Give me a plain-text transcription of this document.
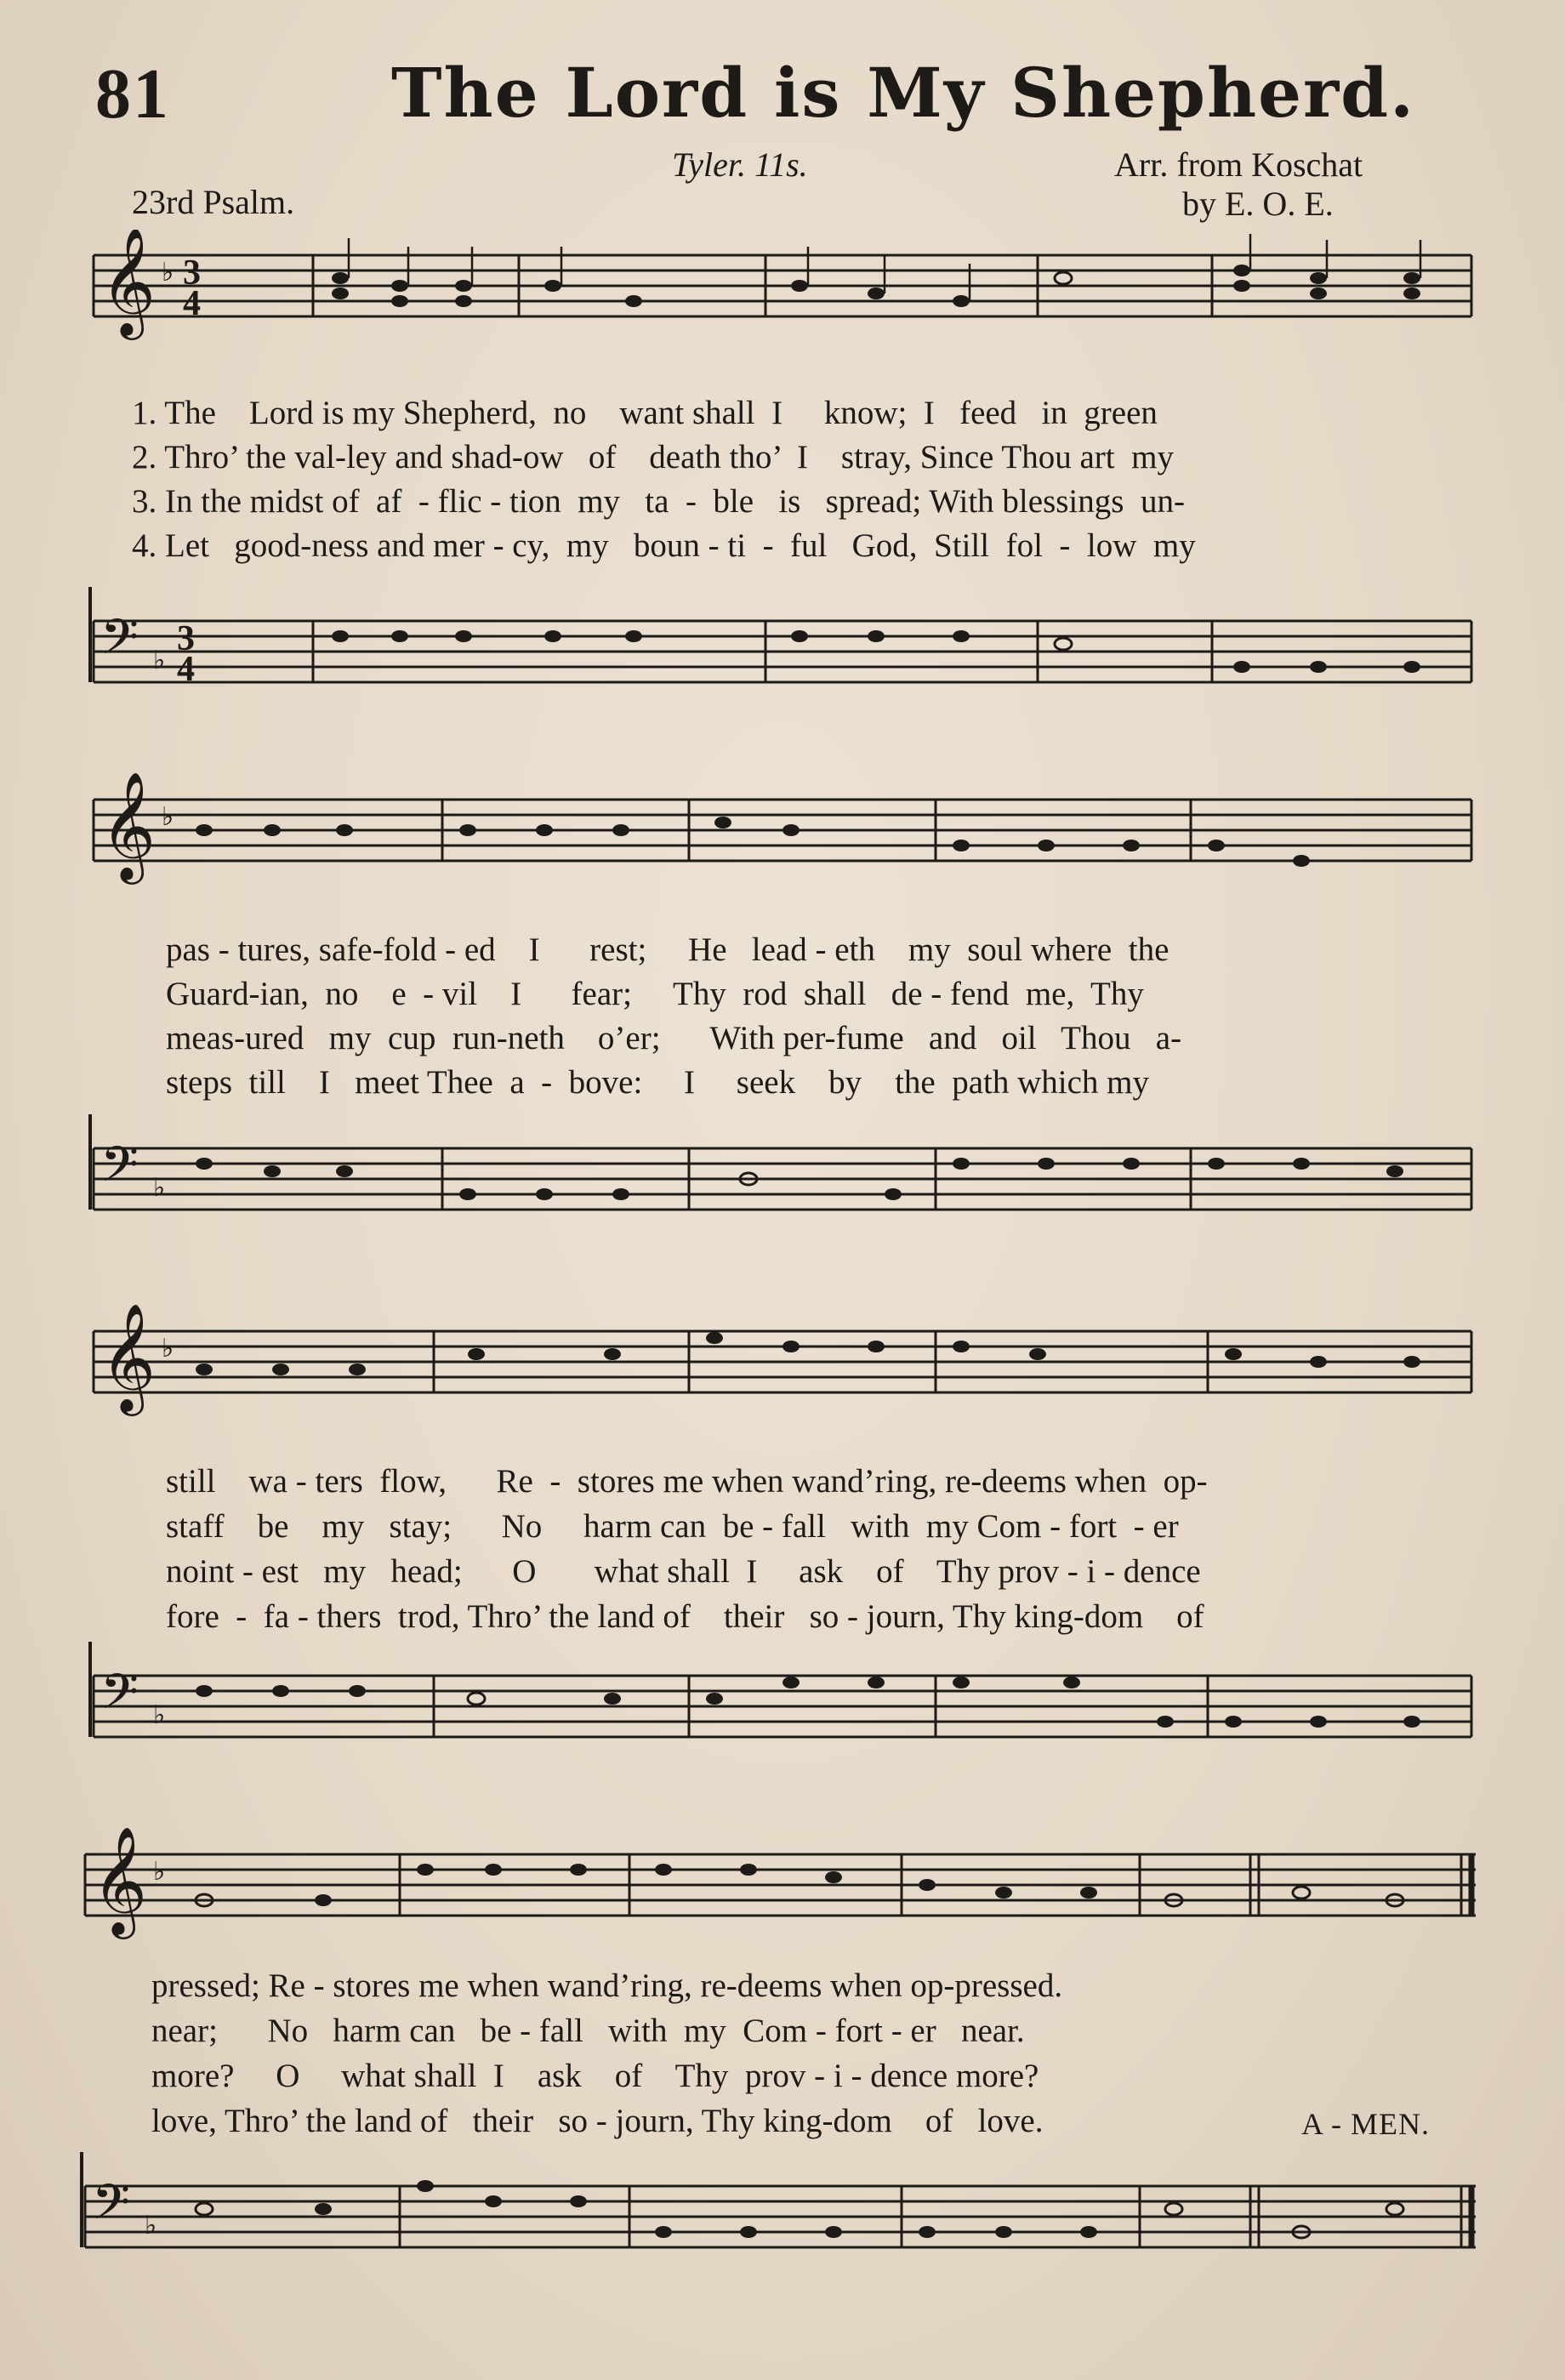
81	The Lord is My Shepherd.
Tyler. 11s.	Arr. from Koschat
by E. O. E.
23rd Psalm.
𝄞 ♭ 3
4
1. The    Lord is my Shepherd,  no    want shall  I     know;  I   feed   in  green
2. Thro’ the val-ley and shad-ow   of    death tho’  I    stray, Since Thou art  my
3. In the midst of  af  - flic - tion  my   ta  -  ble   is   spread; With blessings  un-
4. Let   good-ness and mer - cy,  my   boun - ti  -  ful   God,  Still  fol  -  low  my
𝄢 ♭
3
4
𝄞 ♭
pas - tures, safe-fold - ed    I      rest;     He   lead - eth    my  soul where  the
Guard-ian,  no    e  - vil    I      fear;     Thy  rod  shall   de - fend  me,  Thy
meas-ured   my  cup  run-neth    o’er;      With per-fume   and   oil   Thou   a-
steps  till    I   meet Thee  a  -  bove:     I     seek    by    the  path which my
𝄢 ♭
𝄞 ♭
still    wa - ters  flow,      Re  -  stores me when wand’ring, re-deems when  op-
staff    be    my   stay;      No     harm can  be - fall   with  my Com - fort  - er
noint - est   my   head;      O       what shall  I     ask    of    Thy prov - i - dence
fore  -  fa - thers  trod, Thro’ the land of    their   so - journ, Thy king-dom    of
𝄢 ♭
𝄞 ♭
pressed; Re - stores me when wand’ring, re-deems when op-pressed.
near;      No   harm can   be - fall   with  my  Com - fort - er   near.
more?     O     what shall  I    ask    of    Thy  prov - i - dence more?
love, Thro’ the land of   their   so - journ, Thy king-dom    of   love.	A - MEN.
𝄢 ♭
